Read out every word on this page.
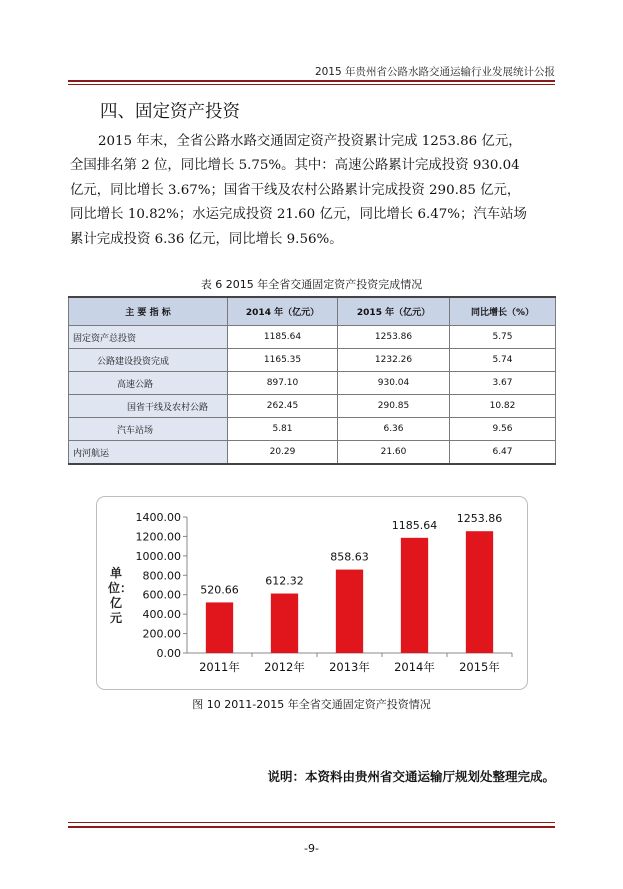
2015 年贵州省公路水路交通运输行业发展统计公报
四、固定资产投资
2015 年末，全省公路水路交通固定资产投资累计完成 1253.86 亿元，
全国排名第 2 位，同比增长 5.75%。其中：高速公路累计完成投资 930.04
亿元，同比增长 3.67%；国省干线及农村公路累计完成投资 290.85 亿元，
同比增长 10.82%；水运完成投资 21.60 亿元，同比增长 6.47%；汽车站场
累计完成投资 6.36 亿元，同比增长 9.56%。
表 6 2015 年全省交通固定资产投资完成情况
主 要 指 标	2014 年（亿元）	2015 年（亿元）	同比增长（%）
固定资产总投资	1185.64	1253.86	5.75
公路建设投资完成	1165.35	1232.26	5.74
高速公路	897.10	930.04	3.67
国省干线及农村公路	262.45	290.85	10.82
汽车站场	5.81	6.36	9.56
内河航运	20.29	21.60	6.47
0.00
200.00
400.00
600.00
800.00
1000.00
1200.00
1400.00
520.66
2011年
612.32
2012年
858.63
2013年
1185.64
2014年
1253.86
2015年
单位：亿元
图 10 2011-2015 年全省交通固定资产投资情况
说明：本资料由贵州省交通运输厅规划处整理完成。
-9-
